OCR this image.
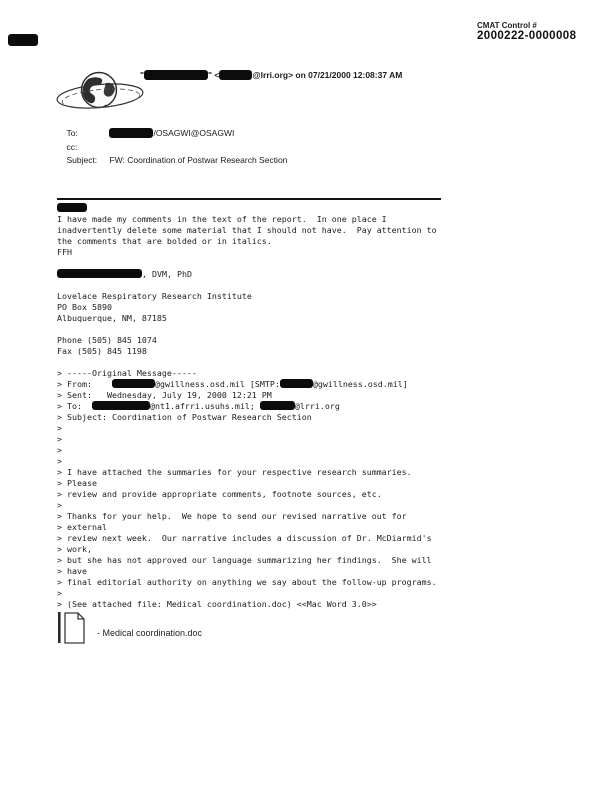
CMAT Control #
2000222-0000008
"	" <	@lrri.org> on 07/21/2000 12:08:37 AM

To:	/OSAGWI@OSAGWI

cc:

Subject: FW: Coordination of Postwar Research Section

I have made my comments in the text of the report.  In one place I
inadvertently delete some material that I should not have.  Pay attention to
the comments that are bolded or in italics.
FFH
, DVM, PhD
Lovelace Respiratory Research Institute
PO Box 5890
Albuquerque, NM, 87185
Phone (505) 845 1074
Fax (505) 845 1198
> -----Original Message-----
> From:	@gwillness.osd.mil [SMTP:	@gwillness.osd.mil]
> Sent:   Wednesday, July 19, 2000 12:21 PM
> To:	@nt1.afrri.usuhs.mil;	@lrri.org
> Subject: Coordination of Postwar Research Section
>
>
>
>
> I have attached the summaries for your respective research summaries.
> Please
> review and provide appropriate comments, footnote sources, etc.
>
> Thanks for your help.  We hope to send our revised narrative out for
> external
> review next week.  Our narrative includes a discussion of Dr. McDiarmid's
> work,
> but she has not approved our language summarizing her findings.  She will
> have
> final editorial authority on anything we say about the follow-up programs.
>
> (See attached file: Medical coordination.doc) <<Mac Word 3.0>>
- Medical coordination.doc
